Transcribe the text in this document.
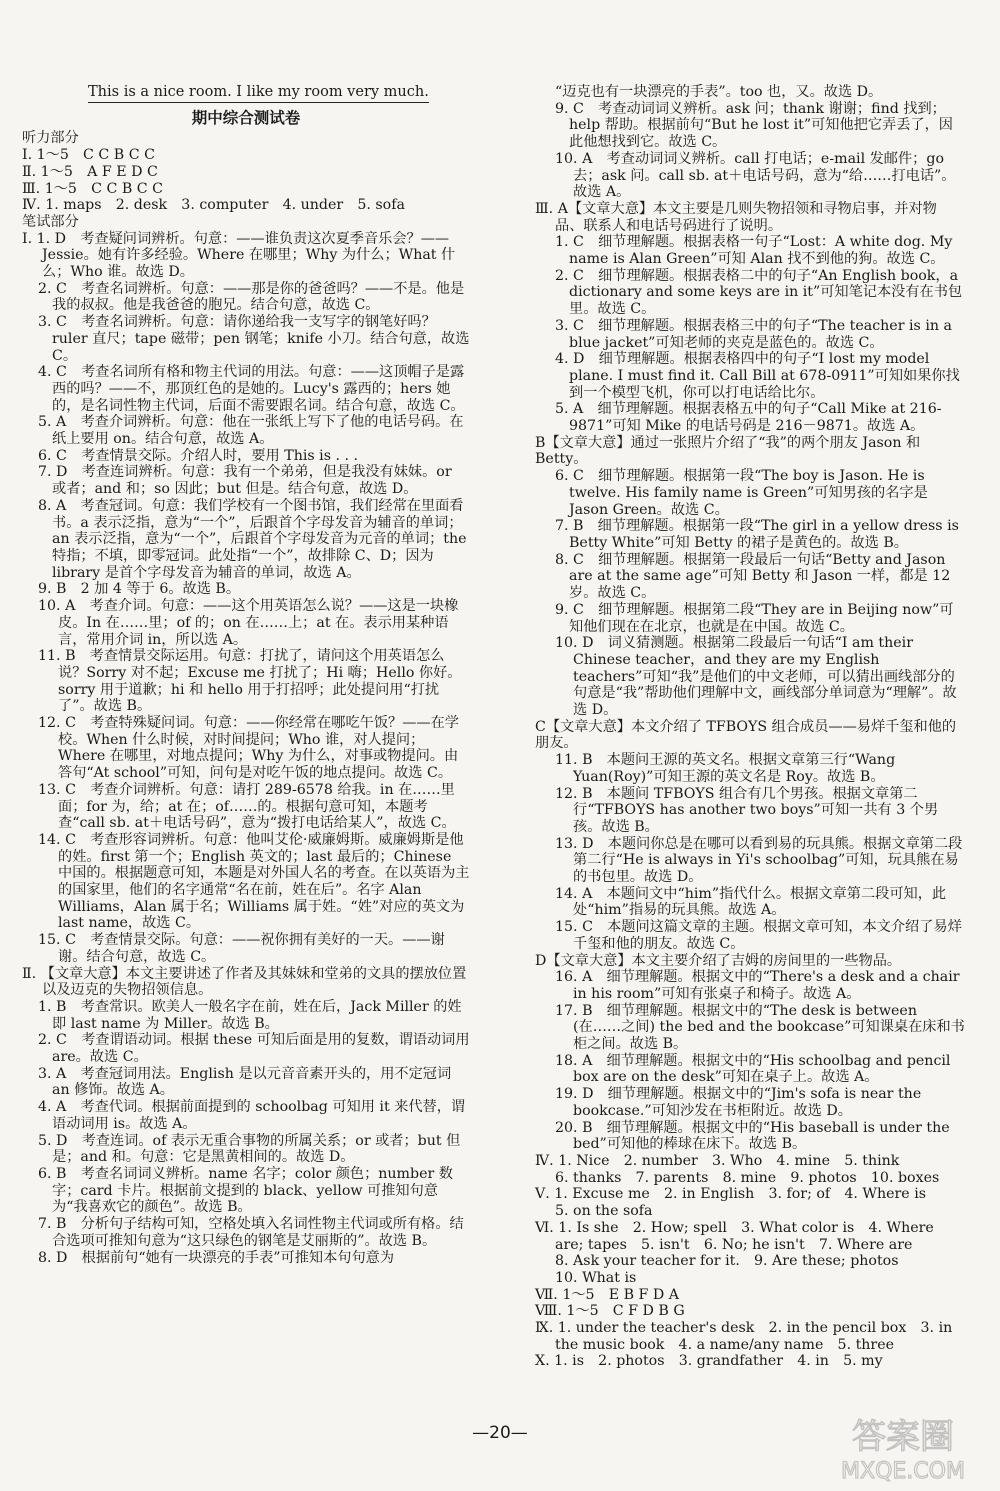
This is a nice room. I like my room very much.
期中综合测试卷
听力部分
Ⅰ. 1～5　C C B C C
Ⅱ. 1～5　A F E D C
Ⅲ. 1～5　C C B C C
Ⅳ. 1. maps　2. desk　3. computer　4. under　5. sofa
笔试部分
Ⅰ. 1. D　考查疑问词辨析。句意：——谁负责这次夏季音乐会？——Jessie。她有许多经验。Where 在哪里；Why 为什么；What 什么；Who 谁。故选 D。
2. C　考查名词辨析。句意：——那是你的爸爸吗？——不是。他是我的叔叔。他是我爸爸的胞兄。结合句意，故选 C。
3. C　考查名词辨析。句意：请你递给我一支写字的钢笔好吗？ruler 直尺；tape 磁带；pen 钢笔；knife 小刀。结合句意，故选 C。
4. C　考查名词所有格和物主代词的用法。句意：——这顶帽子是露西的吗？——不，那顶红色的是她的。Lucy's 露西的；hers 她的，是名词性物主代词，后面不需要跟名词。结合句意，故选 C。
5. A　考查介词辨析。句意：他在一张纸上写下了他的电话号码。在纸上要用 on。结合句意，故选 A。
6. C　考查情景交际。介绍人时，要用 This is . . .
7. D　考查连词辨析。句意：我有一个弟弟，但是我没有妹妹。or 或者；and 和；so 因此；but 但是。结合句意，故选 D。
8. A　考查冠词。句意：我们学校有一个图书馆，我们经常在里面看书。a 表示泛指，意为“一个”，后跟首个字母发音为辅音的单词；an 表示泛指，意为“一个”，后跟首个字母发音为元音的单词；the 特指；不填，即零冠词。此处指“一个”，故排除 C、D；因为 library 是首个字母发音为辅音的单词，故选 A。
9. B　2 加 4 等于 6。故选 B。
10. A　考查介词。句意：——这个用英语怎么说？——这是一块橡皮。In 在……里；of 的；on 在……上；at 在。表示用某种语言，常用介词 in，所以选 A。
11. B　考查情景交际运用。句意：打扰了，请问这个用英语怎么说？Sorry 对不起；Excuse me 打扰了；Hi 嗨；Hello 你好。sorry 用于道歉；hi 和 hello 用于打招呼；此处提问用“打扰了”。故选 B。
12. C　考查特殊疑问词。句意：——你经常在哪吃午饭？——在学校。When 什么时候，对时间提问；Who 谁，对人提问；Where 在哪里，对地点提问；Why 为什么，对事或物提问。由答句“At school”可知，问句是对吃午饭的地点提问。故选 C。
13. C　考查介词辨析。句意：请打 289-6578 给我。in 在……里面；for 为，给；at 在；of……的。根据句意可知，本题考查“call sb. at＋电话号码”，意为“拨打电话给某人”，故选 C。
14. C　考查形容词辨析。句意：他叫艾伦·威廉姆斯。威廉姆斯是他的姓。first 第一个；English 英文的；last 最后的；Chinese 中国的。根据题意可知，本题是对外国人名的考查。在以英语为主的国家里，他们的名字通常“名在前，姓在后”。名字 Alan Williams，Alan 属于名；Williams 属于姓。“姓”对应的英文为 last name，故选 C。
15. C　考查情景交际。句意：——祝你拥有美好的一天。——谢谢。结合句意，故选 C。
Ⅱ. 【文章大意】本文主要讲述了作者及其妹妹和堂弟的文具的摆放位置以及迈克的失物招领信息。
1. B　考查常识。欧美人一般名字在前，姓在后，Jack Miller 的姓即 last name 为 Miller。故选 B。
2. C　考查谓语动词。根据 these 可知后面是用的复数，谓语动词用 are。故选 C。
3. A　考查冠词用法。English 是以元音音素开头的，用不定冠词 an 修饰。故选 A。
4. A　考查代词。根据前面提到的 schoolbag 可知用 it 来代替，谓语动词用 is。故选 A。
5. D　考查连词。of 表示无重合事物的所属关系；or 或者；but 但是；and 和。句意：它是黑黄相间的。故选 D。
6. B　考查名词词义辨析。name 名字；color 颜色；number 数字；card 卡片。根据前文提到的 black、yellow 可推知句意为“我喜欢它的颜色”。故选 B。
7. B　分析句子结构可知，空格处填入名词性物主代词或所有格。结合选项可推知句意为“这只绿色的钢笔是艾丽斯的”。故选 B。
8. D　根据前句“她有一块漂亮的手表”可推知本句句意为
“迈克也有一块漂亮的手表”。too 也，又。故选 D。
9. C　考查动词词义辨析。ask 问；thank 谢谢；find 找到；help 帮助。根据前句“But he lost it”可知他把它弄丢了，因此他想找到它。故选 C。
10. A　考查动词词义辨析。call 打电话；e-mail 发邮件；go 去；ask 问。call sb. at＋电话号码，意为“给……打电话”。故选 A。
Ⅲ. A【文章大意】本文主要是几则失物招领和寻物启事，并对物品、联系人和电话号码进行了说明。
1. C　细节理解题。根据表格一句子“Lost：A white dog. My name is Alan Green”可知 Alan 找不到他的狗。故选 C。
2. C　细节理解题。根据表格二中的句子“An English book，a dictionary and some keys are in it”可知笔记本没有在书包里。故选 C。
3. C　细节理解题。根据表格三中的句子“The teacher is in a blue jacket”可知老师的夹克是蓝色的。故选 C。
4. D　细节理解题。根据表格四中的句子“I lost my model plane. I must find it. Call Bill at 678-0911”可知如果你找到一个模型飞机，你可以打电话给比尔。
5. A　细节理解题。根据表格五中的句子“Call Mike at 216-9871”可知 Mike 的电话号码是 216－9871。故选 A。
B【文章大意】通过一张照片介绍了“我”的两个朋友 Jason 和 Betty。
6. C　细节理解题。根据第一段“The boy is Jason. He is twelve. His family name is Green”可知男孩的名字是 Jason Green。故选 C。
7. B　细节理解题。根据第一段“The girl in a yellow dress is Betty White”可知 Betty 的裙子是黄色的。故选 B。
8. C　细节理解题。根据第一段最后一句话“Betty and Jason are at the same age”可知 Betty 和 Jason 一样，都是 12 岁。故选 C。
9. C　细节理解题。根据第二段“They are in Beijing now”可知他们现在在北京，也就是在中国。故选 C。
10. D　词义猜测题。根据第二段最后一句话“I am their Chinese teacher，and they are my English teachers”可知“我”是他们的中文老师，可以猜出画线部分的句意是“我”帮助他们理解中文，画线部分单词意为“理解”。故选 D。
C【文章大意】本文介绍了 TFBOYS 组合成员——易烊千玺和他的朋友。
11. B　本题问王源的英文名。根据文章第三行“Wang Yuan(Roy)”可知王源的英文名是 Roy。故选 B。
12. B　本题问 TFBOYS 组合有几个男孩。根据文章第二行“TFBOYS has another two boys”可知一共有 3 个男孩。故选 B。
13. D　本题问你总是在哪可以看到易的玩具熊。根据文章第二段第二行“He is always in Yi's schoolbag”可知，玩具熊在易的书包里。故选 D。
14. A　本题问文中“him”指代什么。根据文章第二段可知，此处“him”指易的玩具熊。故选 A。
15. C　本题问这篇文章的主题。根据文章可知，本文介绍了易烊千玺和他的朋友。故选 C。
D【文章大意】本文主要介绍了吉姆的房间里的一些物品。
16. A　细节理解题。根据文中的“There's a desk and a chair in his room”可知有张桌子和椅子。故选 A。
17. B　细节理解题。根据文中的“The desk is between (在……之间) the bed and the bookcase”可知课桌在床和书柜之间。故选 B。
18. A　细节理解题。根据文中的“His schoolbag and pencil box are on the desk”可知在桌子上。故选 A。
19. D　细节理解题。根据文中的“Jim's sofa is near the bookcase.”可知沙发在书柜附近。故选 D。
20. B　细节理解题。根据文中的“His baseball is under the bed”可知他的棒球在床下。故选 B。
Ⅳ. 1. Nice　2. number　3. Who　4. mine　5. think
6. thanks　7. parents　8. mine　9. photos　10. boxes
Ⅴ. 1. Excuse me　2. in English　3. for; of　4. Where is
5. on the sofa
Ⅵ. 1. Is she　2. How; spell　3. What color is　4. Where are; tapes　5. isn't　6. No; he isn't　7. Where are
8. Ask your teacher for it.　9. Are these; photos
10. What is
Ⅶ. 1～5　E B F D A
Ⅷ. 1～5　C F D B G
Ⅸ. 1. under the teacher's desk　2. in the pencil box　3. in the music book　4. a name/any name　5. three
Ⅹ. 1. is　2. photos　3. grandfather　4. in　5. my
—20—	答案圈
MXQE.COM
